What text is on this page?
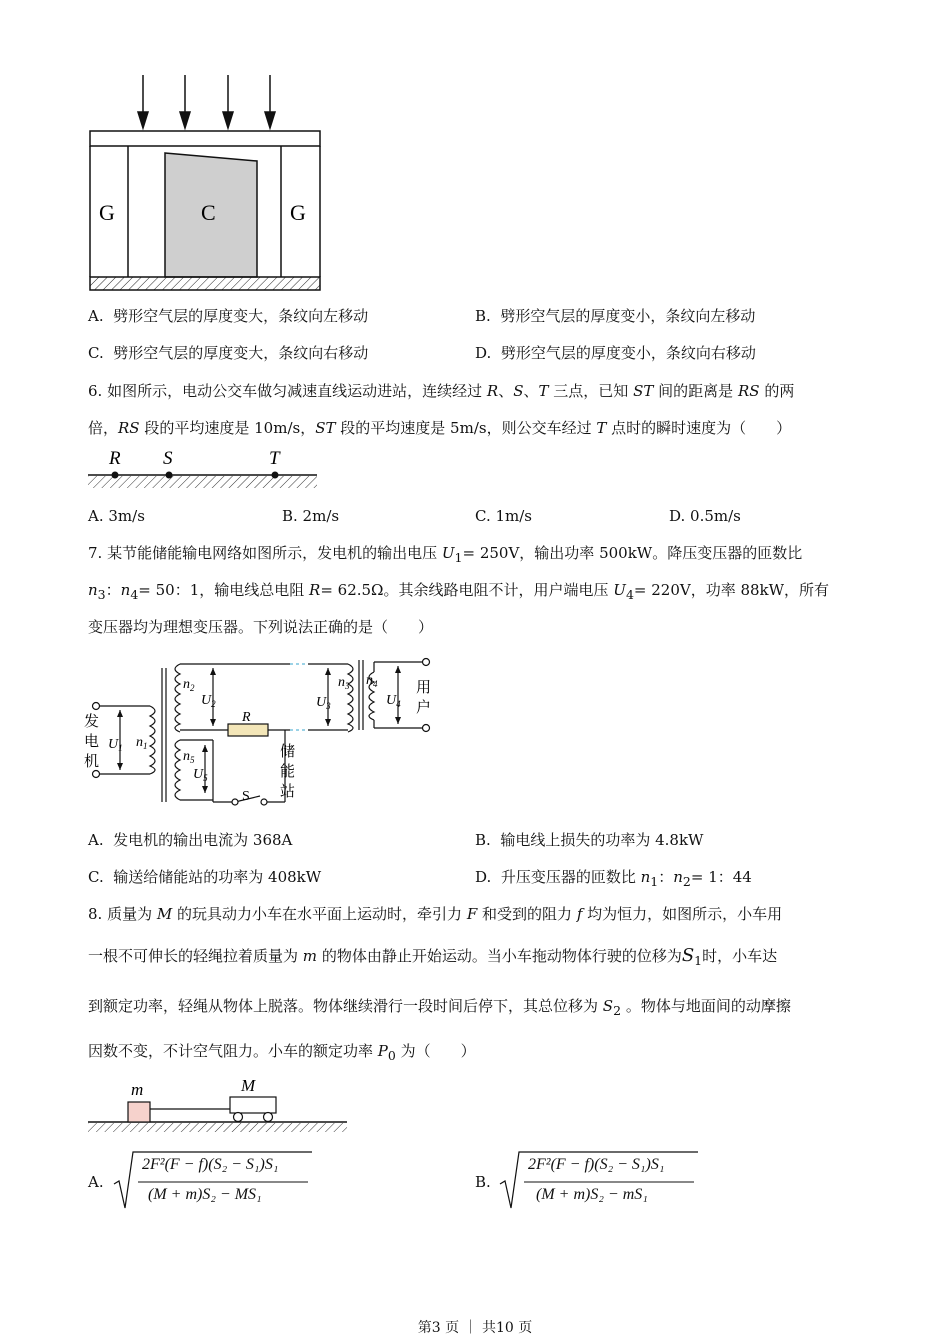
G	C	G
A. 劈形空气层的厚度变大，条纹向左移动	B. 劈形空气层的厚度变小，条纹向左移动
C. 劈形空气层的厚度变大，条纹向右移动	D. 劈形空气层的厚度变小，条纹向右移动
6. 如图所示，电动公交车做匀减速直线运动进站，连续经过 R、S、T 三点，已知 ST 间的距离是 RS 的两
倍，RS 段的平均速度是 10m/s，ST 段的平均速度是 5m/s，则公交车经过 T 点时的瞬时速度为（　　）
R S	T
A. 3m/s	B. 2m/s	C. 1m/s	D. 0.5m/s
7. 某节能储能输电网络如图所示，发电机的输出电压 $U_1= 250V$，输出功率 500kW。降压变压器的匝数比
$n_3$：$n_4= 50$：1，输电线总电阻 R= 62.5Ω。其余线路电阻不计，用户端电压 $U_4= 220V$，功率 88kW，所有
变压器均为理想变压器。下列说法正确的是（　　）
发
电
机
用
户
储
能
站
$U_1$ $n_1$
$n_2$
$U_2$
R
$n_3$
$U_3$
$n_4$
$U_4$
$n_5$
$U_5$
S
A. 发电机的输出电流为 368A	B. 输电线上损失的功率为 4.8kW
C. 输送给储能站的功率为 408kW	D. 升压变压器的匝数比 $n_1$：$n_2= 1$：44
8. 质量为 M 的玩具动力小车在水平面上运动时，牵引力 F 和受到的阻力 f 均为恒力，如图所示，小车用
一根不可伸长的轻绳拉着质量为 m 的物体由静止开始运动。当小车拖动物体行驶的位移为$S_1$时，小车达
到额定功率，轻绳从物体上脱落。物体继续滑行一段时间后停下，其总位移为 $S_2$ 。物体与地面间的动摩擦
因数不变，不计空气阻力。小车的额定功率 $P_0$ 为（　　）
m	M
A.
2F²(F − f)(S₂ − S₁)S₁
(M + m)S₂ − MS₁
B.
2F²(F − f)(S₂ − S₁)S₁
(M + m)S₂ − mS₁
第3 页 ｜ 共10 页
